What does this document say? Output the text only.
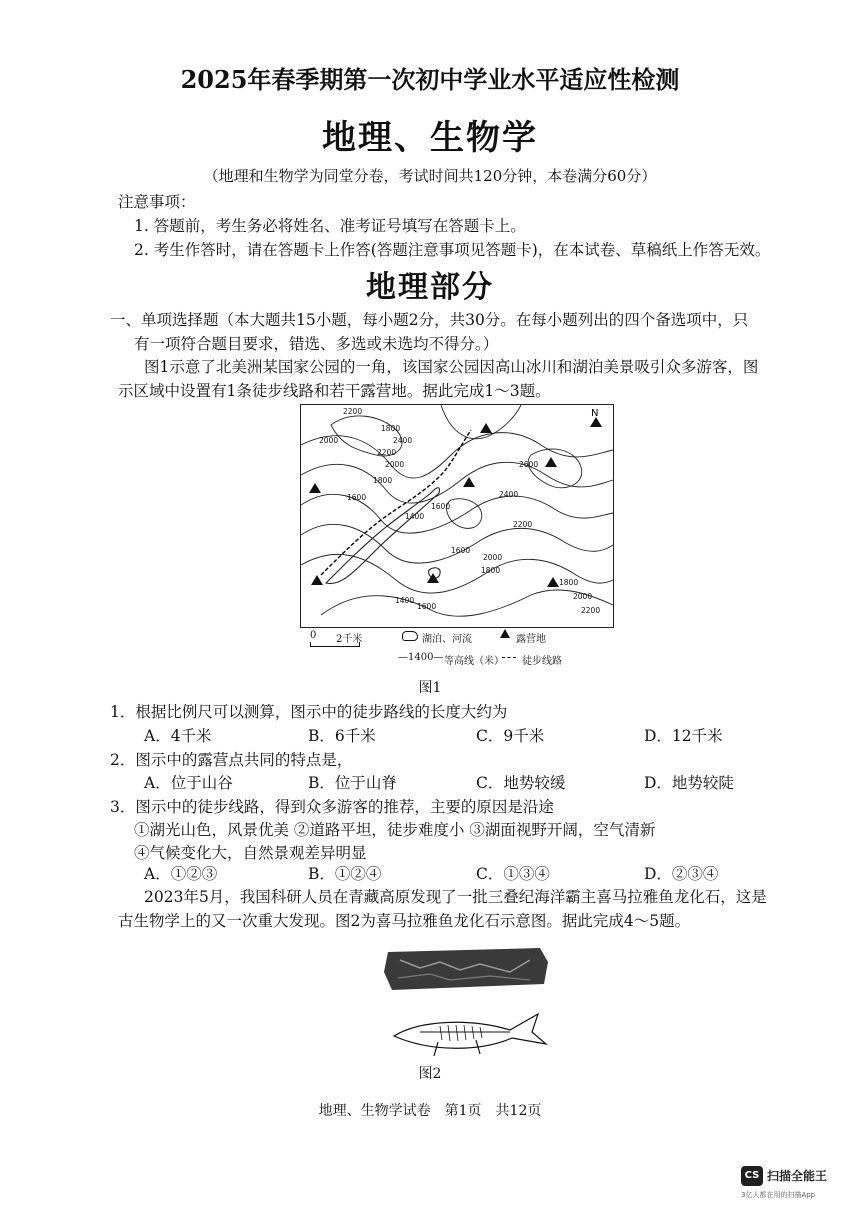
2025年春季期第一次初中学业水平适应性检测
地理、生物学
（地理和生物学为同堂分卷，考试时间共120分钟，本卷满分60分）
注意事项：
1. 答题前，考生务必将姓名、准考证号填写在答题卡上。
2. 考生作答时，请在答题卡上作答(答题注意事项见答题卡)，在本试卷、草稿纸上作答无效。
地理部分
一、单项选择题（本大题共15小题，每小题2分，共30分。在每小题列出的四个备选项中，只
有一项符合题目要求，错选、多选或未选均不得分。）
图1示意了北美洲某国家公园的一角，该国家公园因高山冰川和湖泊美景吸引众多游客，图
示区域中设置有1条徒步线路和若干露营地。据此完成1～3题。
N
2200
1800
2000
2200
2000
2400
1800
1600
1400
1600
2600
2400
2200
2000
1800
1600
1400
1600
1800
2000
2200
0 2千米	湖泊、河流	露营地
—1400— 等高线（米） 徒步线路
图1
1．根据比例尺可以测算，图示中的徒步路线的长度大约为
A．4千米	B．6千米	C．9千米	D．12千米
2．图示中的露营点共同的特点是，
A．位于山谷	B．位于山脊	C．地势较缓	D．地势较陡
3．图示中的徒步线路，得到众多游客的推荐，主要的原因是沿途
①湖光山色，风景优美 ②道路平坦，徒步难度小 ③湖面视野开阔，空气清新
④气候变化大，自然景观差异明显
A．①②③	B．①②④	C．①③④	D．②③④
2023年5月，我国科研人员在青藏高原发现了一批三叠纪海洋霸主喜马拉雅鱼龙化石，这是
古生物学上的又一次重大发现。图2为喜马拉雅鱼龙化石示意图。据此完成4～5题。
图2
地理、生物学试卷　第1页　共12页
CS 扫描全能王
3亿人都在用的扫描App
